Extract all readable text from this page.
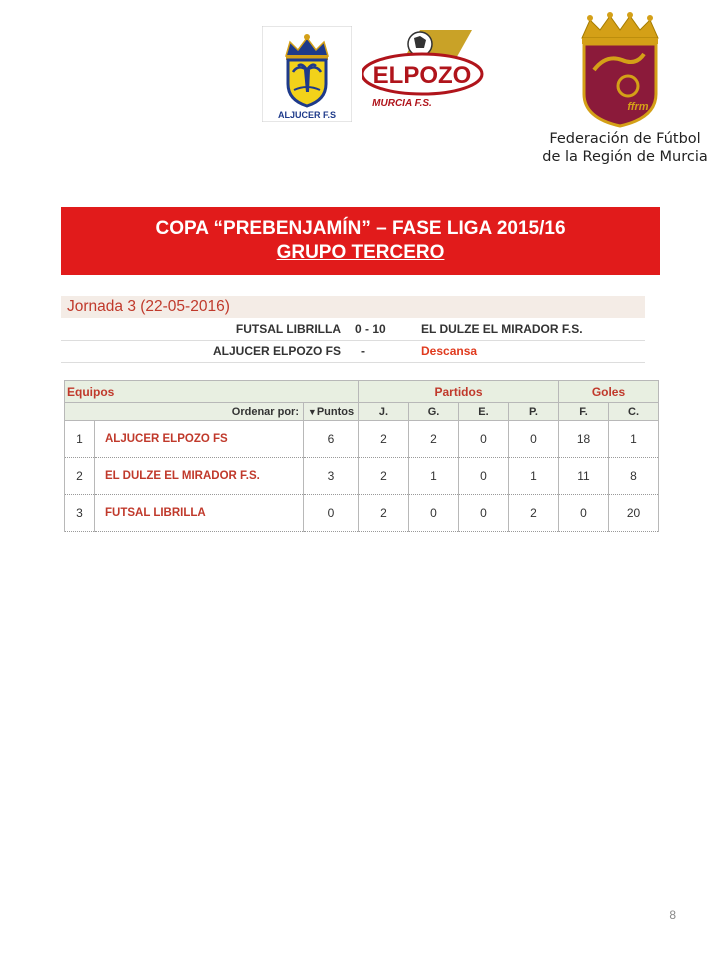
ALJUCER F.S
ELPOZO
MURCIA F.S.	ffrm
Federación de Fútbol
de la Región de Murcia
COPA “PREBENJAMÍN” – FASE LIGA 2015/16
GRUPO TERCERO
Jornada 3 (22-05-2016)
FUTSAL LIBRILLA 0 - 10	EL DULZE EL MIRADOR F.S.
ALJUCER ELPOZO FS -	Descansa
Equipos			Partidos				Goles	
Ordenar por:		▼Puntos	J.	G.	E.	P.	F.	C.
1	ALJUCER ELPOZO FS	6	2	2	0	0	18	1
2	EL DULZE EL MIRADOR F.S.	3	2	1	0	1	11	8
3	FUTSAL LIBRILLA	0	2	0	0	2	0	20
8
